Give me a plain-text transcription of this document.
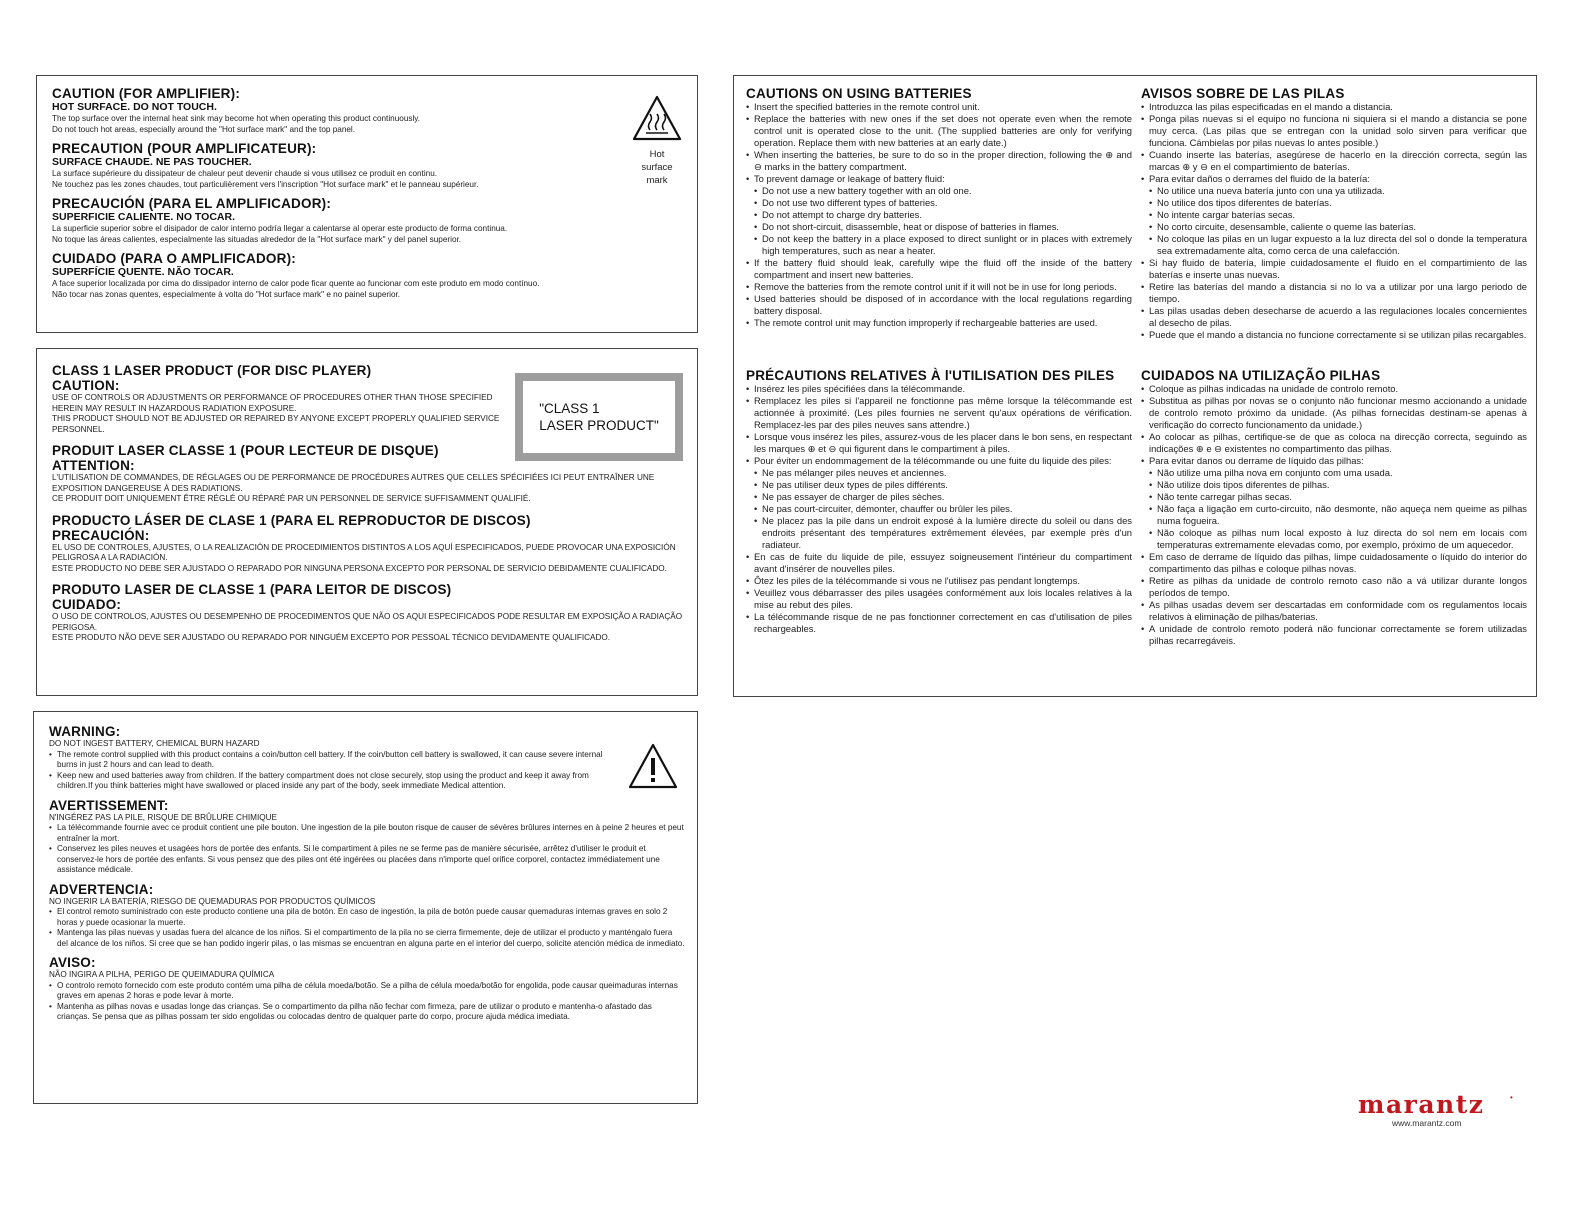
CAUTION (FOR AMPLIFIER):

HOT SURFACE. DO NOT TOUCH.

The top surface over the internal heat sink may become hot when operating this product continuously.

Do not touch hot areas, especially around the "Hot surface mark" and the top panel.

PRECAUTION (POUR AMPLIFICATEUR):

SURFACE CHAUDE. NE PAS TOUCHER.

La surface supérieure du dissipateur de chaleur peut devenir chaude si vous utilisez ce produit en continu.

Ne touchez pas les zones chaudes, tout particulièrement vers l'inscription "Hot surface mark" et le panneau supérieur.

PRECAUCIÓN (PARA EL AMPLIFICADOR):

SUPERFICIE CALIENTE. NO TOCAR.

La superficie superior sobre el disipador de calor interno podría llegar a calentarse al operar este producto de forma continua.

No toque las áreas calientes, especialmente las situadas alrededor de la "Hot surface mark" y del panel superior.

CUIDADO (PARA O AMPLIFICADOR):

SUPERFÍCIE QUENTE. NÃO TOCAR.

A face superior localizada por cima do dissipador interno de calor pode ficar quente ao funcionar com este produto em modo contínuo.

Não tocar nas zonas quentes, especialmente à volta do "Hot surface mark" e no painel superior.

Hot
surface
mark

CLASS 1 LASER PRODUCT (FOR DISC PLAYER)

CAUTION:

USE OF CONTROLS OR ADJUSTMENTS OR PERFORMANCE OF PROCEDURES OTHER THAN THOSE SPECIFIED HEREIN MAY RESULT IN HAZARDOUS RADIATION EXPOSURE.

THIS PRODUCT SHOULD NOT BE ADJUSTED OR REPAIRED BY ANYONE EXCEPT PROPERLY QUALIFIED SERVICE PERSONNEL.

PRODUIT LASER CLASSE 1 (POUR LECTEUR DE DISQUE)

ATTENTION:

L'UTILISATION DE COMMANDES, DE RÉGLAGES OU DE PERFORMANCE DE PROCÉDURES AUTRES QUE CELLES SPÉCIFIÉES ICI PEUT ENTRAÎNER UNE EXPOSITION DANGEREUSE À DES RADIATIONS.

CE PRODUIT DOIT UNIQUEMENT ÊTRE RÉGLÉ OU RÉPARÉ PAR UN PERSONNEL DE SERVICE SUFFISAMMENT QUALIFIÉ.

PRODUCTO LÁSER DE CLASE 1 (PARA EL REPRODUCTOR DE DISCOS)

PRECAUCIÓN:

EL USO DE CONTROLES, AJUSTES, O LA REALIZACIÓN DE PROCEDIMIENTOS DISTINTOS A LOS AQUÍ ESPECIFICADOS, PUEDE PROVOCAR UNA EXPOSICIÓN PELIGROSA A LA RADIACIÓN.

ESTE PRODUCTO NO DEBE SER AJUSTADO O REPARADO POR NINGUNA PERSONA EXCEPTO POR PERSONAL DE SERVICIO DEBIDAMENTE CUALIFICADO.

PRODUTO LASER DE CLASSE 1 (PARA LEITOR DE DISCOS)

CUIDADO:

O USO DE CONTROLOS, AJUSTES OU DESEMPENHO DE PROCEDIMENTOS QUE NÃO OS AQUI ESPECIFICADOS PODE RESULTAR EM EXPOSIÇÃO A RADIAÇÃO PERIGOSA.

ESTE PRODUTO NÃO DEVE SER AJUSTADO OU REPARADO POR NINGUÉM EXCEPTO POR PESSOAL TÉCNICO DEVIDAMENTE QUALIFICADO.

"CLASS 1
LASER PRODUCT"

WARNING:

DO NOT INGEST BATTERY, CHEMICAL BURN HAZARD

• The remote control supplied with this product contains a coin/button cell battery. If the coin/button cell battery is swallowed, it can cause severe internal burns in just 2 hours and can lead to death.
• Keep new and used batteries away from children. If the battery compartment does not close securely, stop using the product and keep it away from children.If you think batteries might have swallowed or placed inside any part of the body, seek immediate Medical attention.

AVERTISSEMENT:

N'INGÉREZ PAS LA PILE, RISQUE DE BRÛLURE CHIMIQUE

• La télécommande fournie avec ce produit contient une pile bouton. Une ingestion de la pile bouton risque de causer de sévères brûlures internes en à peine 2 heures et peut entraîner la mort.
• Conservez les piles neuves et usagées hors de portée des enfants. Si le compartiment à piles ne se ferme pas de manière sécurisée, arrêtez d'utiliser le produit et conservez-le hors de portée des enfants. Si vous pensez que des piles ont été ingérées ou placées dans n'importe quel orifice corporel, contactez immédiatement une assistance médicale.

ADVERTENCIA:

NO INGERIR LA BATERÍA, RIESGO DE QUEMADURAS POR PRODUCTOS QUÍMICOS

• El control remoto suministrado con este producto contiene una pila de botón. En caso de ingestión, la pila de botón puede causar quemaduras internas graves en solo 2 horas y puede ocasionar la muerte.
• Mantenga las pilas nuevas y usadas fuera del alcance de los niños. Si el compartimento de la pila no se cierra firmemente, deje de utilizar el producto y manténgalo fuera del alcance de los niños. Si cree que se han podido ingerir pilas, o las mismas se encuentran en alguna parte en el interior del cuerpo, solicite atención médica de inmediato.

AVISO:

NÃO INGIRA A PILHA, PERIGO DE QUEIMADURA QUÍMICA

• O controlo remoto fornecido com este produto contém uma pilha de célula moeda/botão. Se a pilha de célula moeda/botão for engolida, pode causar queimaduras internas graves em apenas 2 horas e pode levar à morte.
• Mantenha as pilhas novas e usadas longe das crianças. Se o compartimento da pilha não fechar com firmeza, pare de utilizar o produto e mantenha-o afastado das crianças. Se pensa que as pilhas possam ter sido engolidas ou colocadas dentro de qualquer parte do corpo, procure ajuda médica imediata.

CAUTIONS ON USING BATTERIES

• Insert the specified batteries in the remote control unit.
• Replace the batteries with new ones if the set does not operate even when the remote control unit is operated close to the unit. (The supplied batteries are only for verifying operation. Replace them with new batteries at an early date.)
• When inserting the batteries, be sure to do so in the proper direction, following the ⊕ and ⊖ marks in the battery compartment.
• To prevent damage or leakage of battery fluid:
• Do not use a new battery together with an old one.
• Do not use two different types of batteries.
• Do not attempt to charge dry batteries.
• Do not short-circuit, disassemble, heat or dispose of batteries in flames.
• Do not keep the battery in a place exposed to direct sunlight or in places with extremely high temperatures, such as near a heater.
• If the battery fluid should leak, carefully wipe the fluid off the inside of the battery compartment and insert new batteries.
• Remove the batteries from the remote control unit if it will not be in use for long periods.
• Used batteries should be disposed of in accordance with the local regulations regarding battery disposal.
• The remote control unit may function improperly if rechargeable batteries are used.

AVISOS SOBRE DE LAS PILAS

• Introduzca las pilas especificadas en el mando a distancia.
• Ponga pilas nuevas si el equipo no funciona ni siquiera si el mando a distancia se pone muy cerca. (Las pilas que se entregan con la unidad solo sirven para verificar que funciona. Cámbielas por pilas nuevas lo antes posible.)
• Cuando inserte las baterías, asegúrese de hacerlo en la dirección correcta, según las marcas ⊕ y ⊖ en el compartimiento de baterías.
• Para evitar daños o derrames del fluido de la batería:
• No utilice una nueva batería junto con una ya utilizada.
• No utilice dos tipos diferentes de baterías.
• No intente cargar baterías secas.
• No corto circuite, desensamble, caliente o queme las baterías.
• No coloque las pilas en un lugar expuesto a la luz directa del sol o donde la temperatura sea extremadamente alta, como cerca de una calefacción.
• Si hay fluido de batería, limpie cuidadosamente el fluido en el compartimiento de las baterías e inserte unas nuevas.
• Retire las baterías del mando a distancia si no lo va a utilizar por una largo periodo de tiempo.
• Las pilas usadas deben desecharse de acuerdo a las regulaciones locales concernientes al desecho de pilas.
• Puede que el mando a distancia no funcione correctamente si se utilizan pilas recargables.

PRÉCAUTIONS RELATIVES À l'UTILISATION DES PILES

• Insérez les piles spécifiées dans la télécommande.
• Remplacez les piles si l'appareil ne fonctionne pas même lorsque la télécommande est actionnée à proximité. (Les piles fournies ne servent qu'aux opérations de vérification. Remplacez-les par des piles neuves sans attendre.)
• Lorsque vous insérez les piles, assurez-vous de les placer dans le bon sens, en respectant les marques ⊕ et ⊖ qui figurent dans le compartiment à piles.
• Pour éviter un endommagement de la télécommande ou une fuite du liquide des piles:
• Ne pas mélanger piles neuves et anciennes.
• Ne pas utiliser deux types de piles différents.
• Ne pas essayer de charger de piles sèches.
• Ne pas court-circuiter, démonter, chauffer ou brûler les piles.
• Ne placez pas la pile dans un endroit exposé à la lumière directe du soleil ou dans des endroits présentant des températures extrêmement élevées, par exemple près d'un radiateur.
• En cas de fuite du liquide de pile, essuyez soigneusement l'intérieur du compartiment avant d'insérer de nouvelles piles.
• Ôtez les piles de la télécommande si vous ne l'utilisez pas pendant longtemps.
• Veuillez vous débarrasser des piles usagées conformément aux lois locales relatives à la mise au rebut des piles.
• La télécommande risque de ne pas fonctionner correctement en cas d'utilisation de piles rechargeables.

CUIDADOS NA UTILIZAÇÃO PILHAS

• Coloque as pilhas indicadas na unidade de controlo remoto.
• Substitua as pilhas por novas se o conjunto não funcionar mesmo accionando a unidade de controlo remoto próximo da unidade. (As pilhas fornecidas destinam-se apenas à verificação do correcto funcionamento da unidade.)
• Ao colocar as pilhas, certifique-se de que as coloca na direcção correcta, seguindo as indicações ⊕ e ⊖ existentes no compartimento das pilhas.
• Para evitar danos ou derrame de líquido das pilhas:
• Não utilize uma pilha nova em conjunto com uma usada.
• Não utilize dois tipos diferentes de pilhas.
• Não tente carregar pilhas secas.
• Não faça a ligação em curto-circuito, não desmonte, não aqueça nem queime as pilhas numa fogueira.
• Não coloque as pilhas num local exposto à luz directa do sol nem em locais com temperaturas extremamente elevadas como, por exemplo, próximo de um aquecedor.
• Em caso de derrame de líquido das pilhas, limpe cuidadosamente o líquido do interior do compartimento das pilhas e coloque pilhas novas.
• Retire as pilhas da unidade de controlo remoto caso não a vá utilizar durante longos períodos de tempo.
• As pilhas usadas devem ser descartadas em conformidade com os regulamentos locais relativos à eliminação de pilhas/baterias.
• A unidade de controlo remoto poderá não funcionar correctamente se forem utilizadas pilhas recarregáveis.
marantz	•
www.marantz.com
